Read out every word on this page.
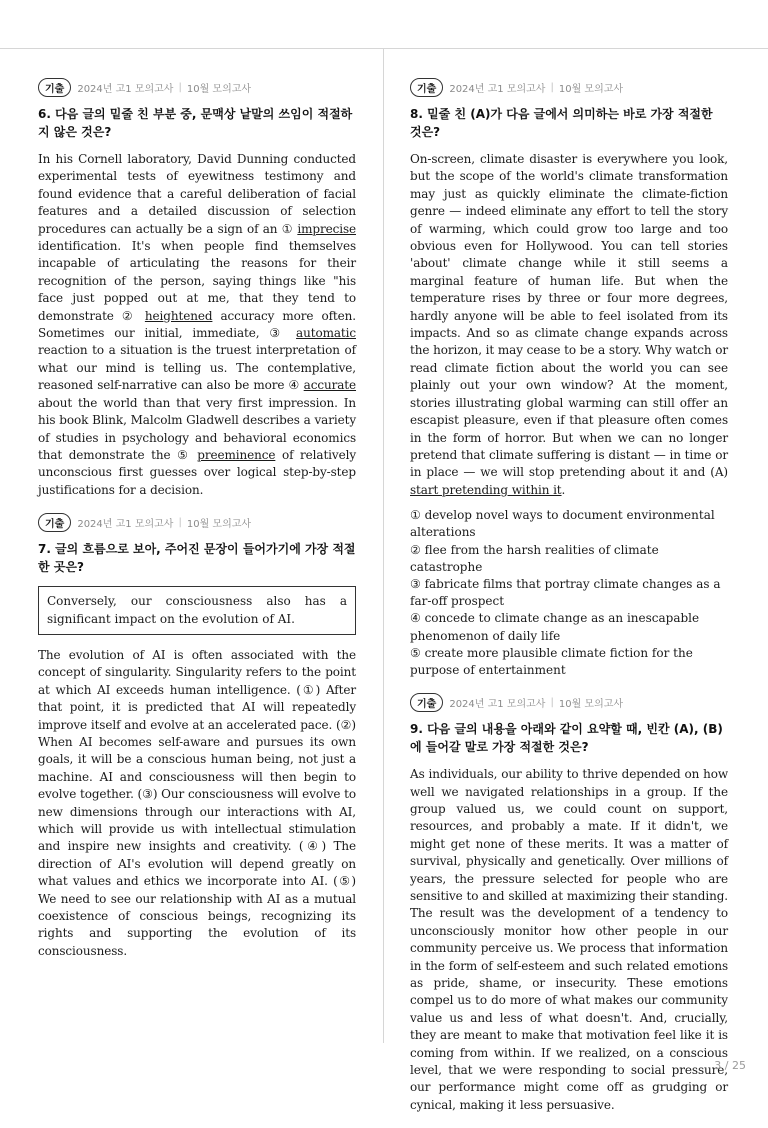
기출	2024년 고1 모의고사 | 10월 모의고사
6. 다음 글의 밑줄 친 부분 중, 문맥상 낱말의 쓰임이 적절하지 않은 것은?

In his Cornell laboratory, David Dunning conducted experimental tests of eyewitness testimony and found evidence that a careful deliberation of facial features and a detailed discussion of selection procedures can actually be a sign of an ① imprecise identification. It's when people find themselves incapable of articulating the reasons for their recognition of the person, saying things like "his face just popped out at me, that they tend to demonstrate ② heightened accuracy more often. Sometimes our initial, immediate, ③ automatic reaction to a situation is the truest interpretation of what our mind is telling us. The contemplative, reasoned self-narrative can also be more ④ accurate about the world than that very first impression. In his book Blink, Malcolm Gladwell describes a variety of studies in psychology and behavioral economics that demonstrate the ⑤ preeminence of relatively unconscious first guesses over logical step-by-step justifications for a decision.

기출	2024년 고1 모의고사 | 10월 모의고사
7. 글의 흐름으로 보아, 주어진 문장이 들어가기에 가장 적절한 곳은?
Conversely, our consciousness also has a significant impact on the evolution of AI.

The evolution of AI is often associated with the concept of singularity. Singularity refers to the point at which AI exceeds human intelligence. (①) After that point, it is predicted that AI will repeatedly improve itself and evolve at an accelerated pace. (②) When AI becomes self-aware and pursues its own goals, it will be a conscious human being, not just a machine. AI and consciousness will then begin to evolve together. (③) Our consciousness will evolve to new dimensions through our interactions with AI, which will provide us with intellectual stimulation and inspire new insights and creativity. (④) The direction of AI's evolution will depend greatly on what values and ethics we incorporate into AI. (⑤) We need to see our relationship with AI as a mutual coexistence of conscious beings, recognizing its rights and supporting the evolution of its consciousness.

기출	2024년 고1 모의고사 | 10월 모의고사
8. 밑줄 친 (A)가 다음 글에서 의미하는 바로 가장 적절한 것은?

On-screen, climate disaster is everywhere you look, but the scope of the world's climate transformation may just as quickly eliminate the climate-fiction genre — indeed eliminate any effort to tell the story of warming, which could grow too large and too obvious even for Hollywood. You can tell stories 'about' climate change while it still seems a marginal feature of human life. But when the temperature rises by three or four more degrees, hardly anyone will be able to feel isolated from its impacts. And so as climate change expands across the horizon, it may cease to be a story. Why watch or read climate fiction about the world you can see plainly out your own window? At the moment, stories illustrating global warming can still offer an escapist pleasure, even if that pleasure often comes in the form of horror. But when we can no longer pretend that climate suffering is distant — in time or in place — we will stop pretending about it and (A) start pretending within it.

① develop novel ways to document environmental alterations

② flee from the harsh realities of climate catastrophe

③ fabricate films that portray climate changes as a far-off prospect

④ concede to climate change as an inescapable phenomenon of daily life

⑤ create more plausible climate fiction for the purpose of entertainment

기출	2024년 고1 모의고사 | 10월 모의고사
9. 다음 글의 내용을 아래와 같이 요약할 때, 빈칸 (A), (B)에 들어갈 말로 가장 적절한 것은?

As individuals, our ability to thrive depended on how well we navigated relationships in a group. If the group valued us, we could count on support, resources, and probably a mate. If it didn't, we might get none of these merits. It was a matter of survival, physically and genetically. Over millions of years, the pressure selected for people who are sensitive to and skilled at maximizing their standing. The result was the development of a tendency to unconsciously monitor how other people in our community perceive us. We process that information in the form of self-esteem and such related emotions as pride, shame, or insecurity. These emotions compel us to do more of what makes our community value us and less of what doesn't. And, crucially, they are meant to make that motivation feel like it is coming from within. If we realized, on a conscious level, that we were responding to social pressure, our performance might come off as grudging or cynical, making it less persuasive.

3 / 25
